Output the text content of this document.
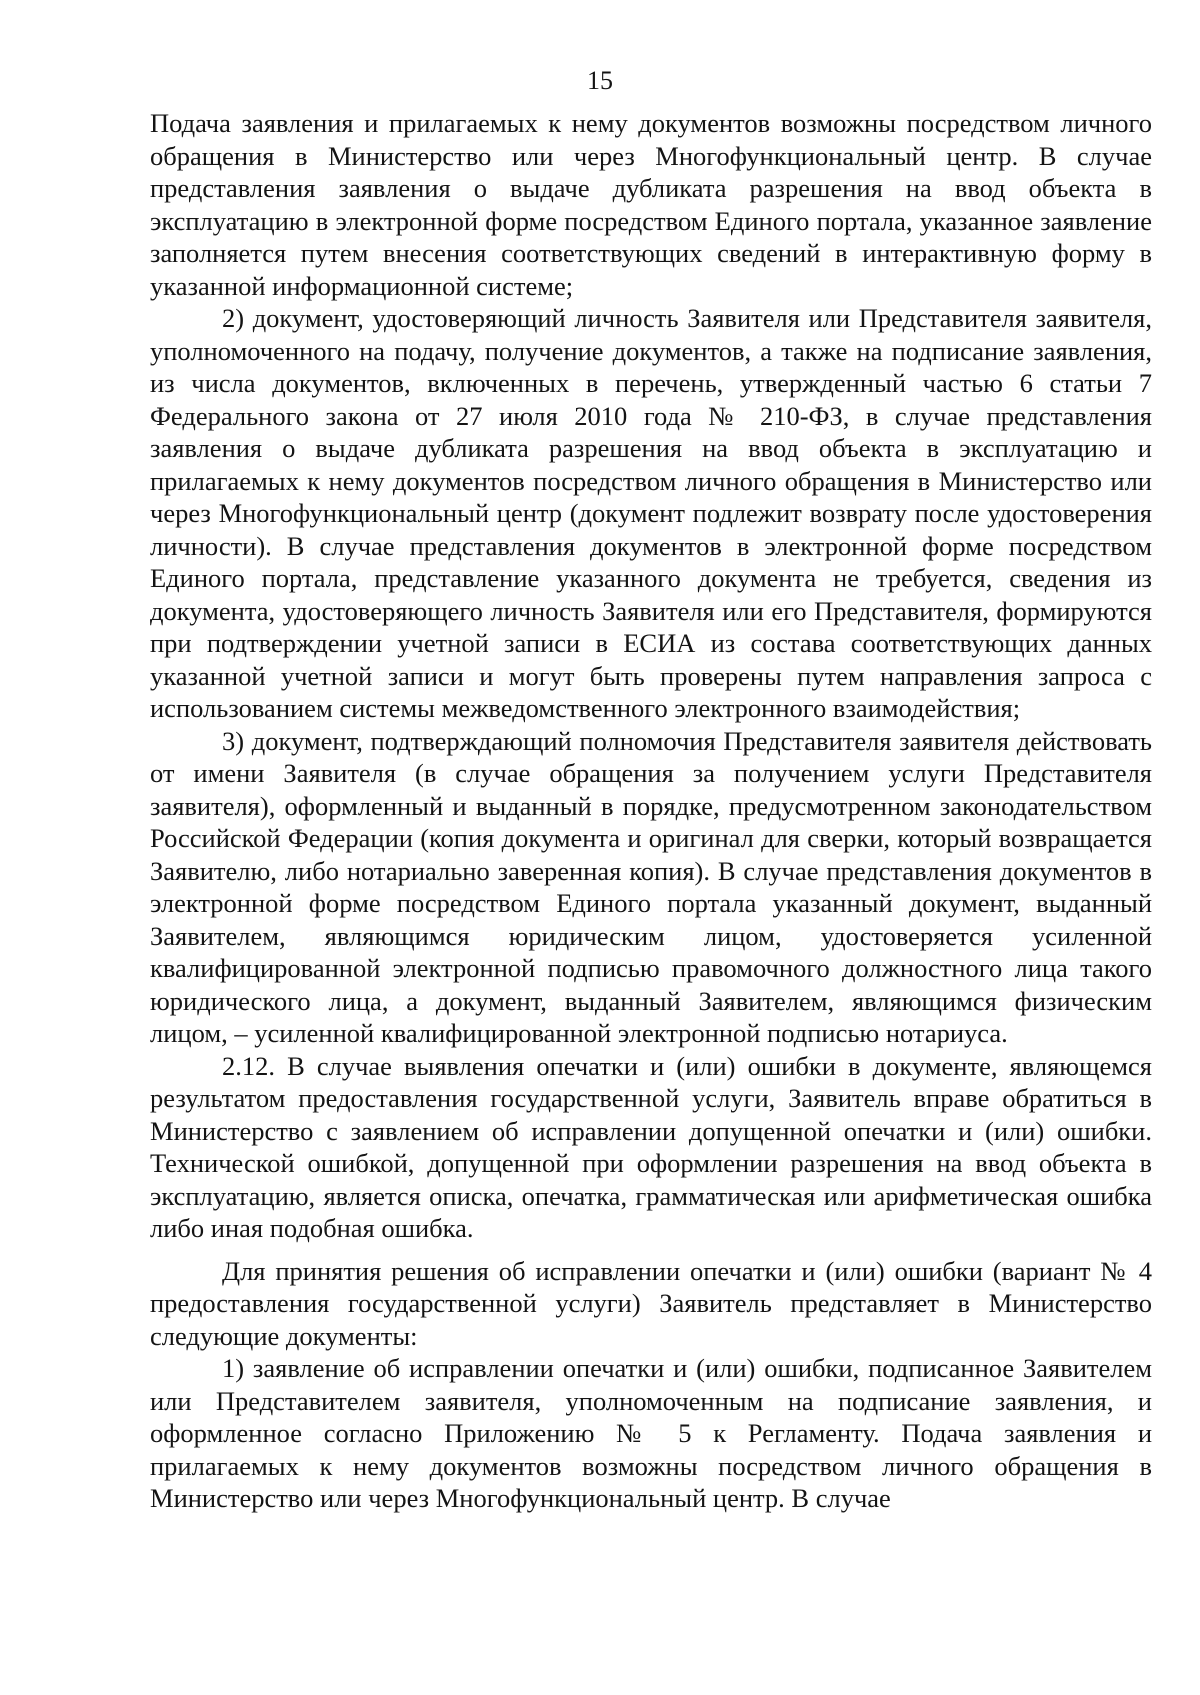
15

Подача заявления и прилагаемых к нему документов возможны посредством личного обращения в Министерство или через Многофункциональный центр. В случае представления заявления о выдаче дубликата разрешения на ввод объекта в эксплуатацию в электронной форме посредством Единого портала, указанное заявление заполняется путем внесения соответствующих сведений в интерактивную форму в указанной информационной системе;

2) документ, удостоверяющий личность Заявителя или Представителя заявителя, уполномоченного на подачу, получение документов, а также на подписание заявления, из числа документов, включенных в перечень, утвержденный частью 6 статьи 7 Федерального закона от 27 июля 2010 года № 210-ФЗ, в случае представления заявления о выдаче дубликата разрешения на ввод объекта в эксплуатацию и прилагаемых к нему документов посредством личного обращения в Министерство или через Многофункциональный центр (документ подлежит возврату после удостоверения личности). В случае представления документов в электронной форме посредством Единого портала, представление указанного документа не требуется, сведения из документа, удостоверяющего личность Заявителя или его Представителя, формируются при подтверждении учетной записи в ЕСИА из состава соответствующих данных указанной учетной записи и могут быть проверены путем направления запроса с использованием системы межведомственного электронного взаимодействия;

3) документ, подтверждающий полномочия Представителя заявителя действовать от имени Заявителя (в случае обращения за получением услуги Представителя заявителя), оформленный и выданный в порядке, предусмотренном законодательством Российской Федерации (копия документа и оригинал для сверки, который возвращается Заявителю, либо нотариально заверенная копия). В случае представления документов в электронной форме посредством Единого портала указанный документ, выданный Заявителем, являющимся юридическим лицом, удостоверяется усиленной квалифицированной электронной подписью правомочного должностного лица такого юридического лица, а документ, выданный Заявителем, являющимся физическим лицом, – усиленной квалифицированной электронной подписью нотариуса.

2.12. В случае выявления опечатки и (или) ошибки в документе, являющемся результатом предоставления государственной услуги, Заявитель вправе обратиться в Министерство с заявлением об исправлении допущенной опечатки и (или) ошибки. Технической ошибкой, допущенной при оформлении разрешения на ввод объекта в эксплуатацию, является описка, опечатка, грамматическая или арифметическая ошибка либо иная подобная ошибка.

Для принятия решения об исправлении опечатки и (или) ошибки (вариант № 4 предоставления государственной услуги) Заявитель представляет в Министерство следующие документы:

1) заявление об исправлении опечатки и (или) ошибки, подписанное Заявителем или Представителем заявителя, уполномоченным на подписание заявления, и оформленное согласно Приложению № 5 к Регламенту. Подача заявления и прилагаемых к нему документов возможны посредством личного обращения в Министерство или через Многофункциональный центр. В случае
